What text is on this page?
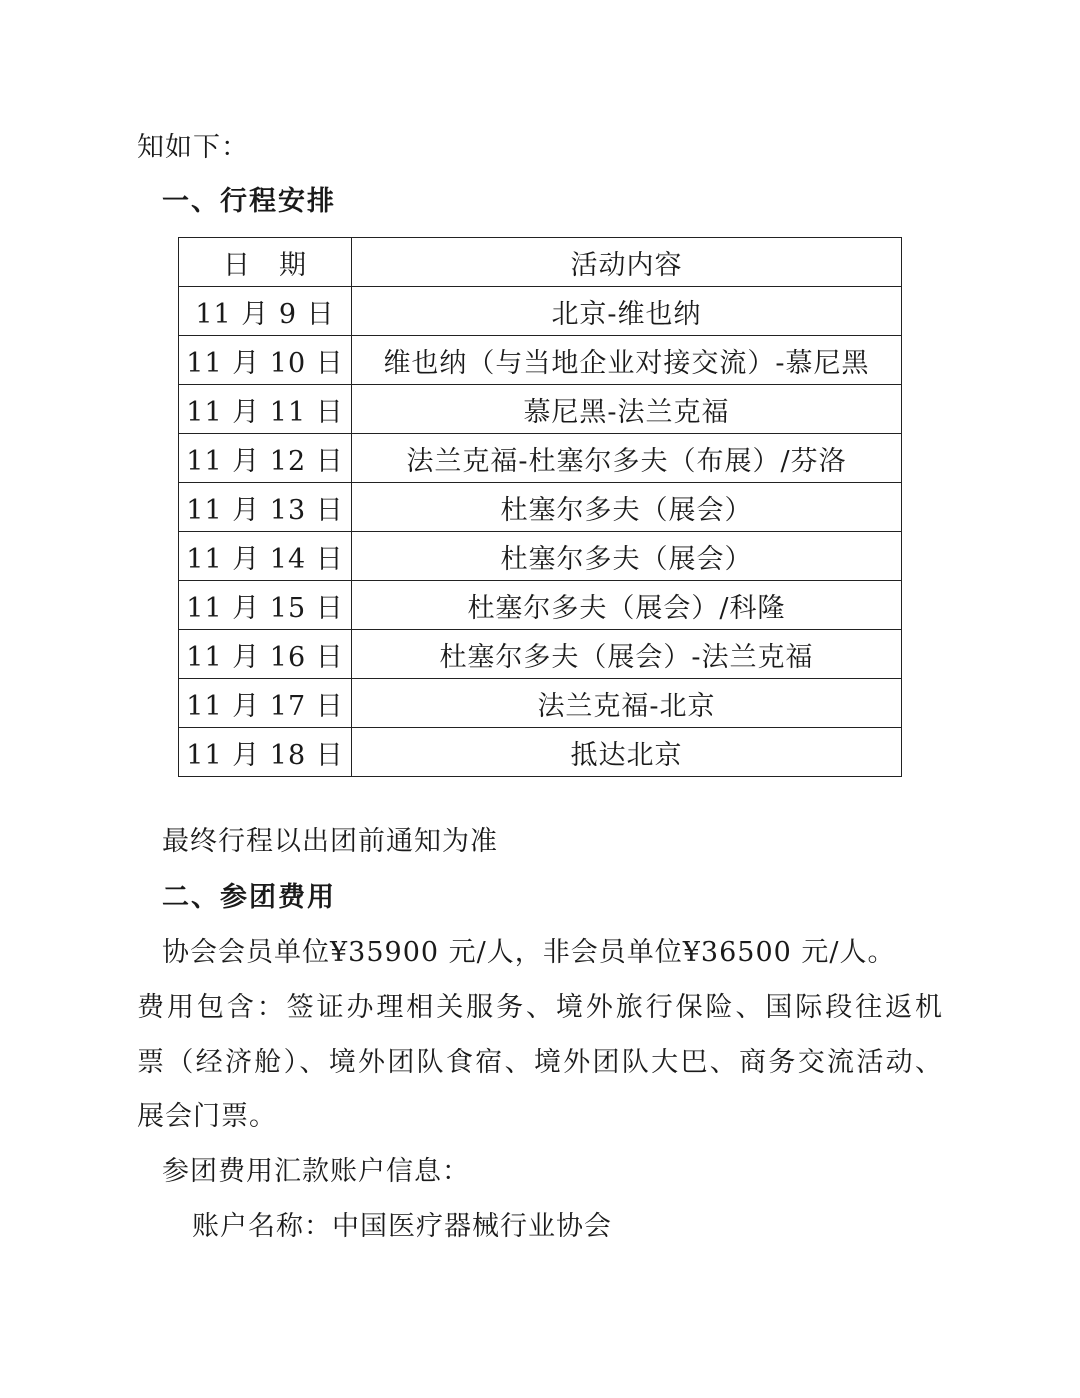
知如下：
一、行程安排
日　期	活动内容
11 月 9 日	北京-维也纳
11 月 10 日	维也纳（与当地企业对接交流）-慕尼黑
11 月 11 日	慕尼黑-法兰克福
11 月 12 日	法兰克福-杜塞尔多夫（布展）/芬洛
11 月 13 日	杜塞尔多夫（展会）
11 月 14 日	杜塞尔多夫（展会）
11 月 15 日	杜塞尔多夫（展会）/科隆
11 月 16 日	杜塞尔多夫（展会）-法兰克福
11 月 17 日	法兰克福-北京
11 月 18 日	抵达北京
最终行程以出团前通知为准
二、参团费用
协会会员单位¥35900 元/人，非会员单位¥36500 元/人。
费用包含：签证办理相关服务、境外旅行保险、国际段往返机
票（经济舱）、境外团队食宿、境外团队大巴、商务交流活动、
展会门票。
参团费用汇款账户信息：
账户名称：中国医疗器械行业协会
